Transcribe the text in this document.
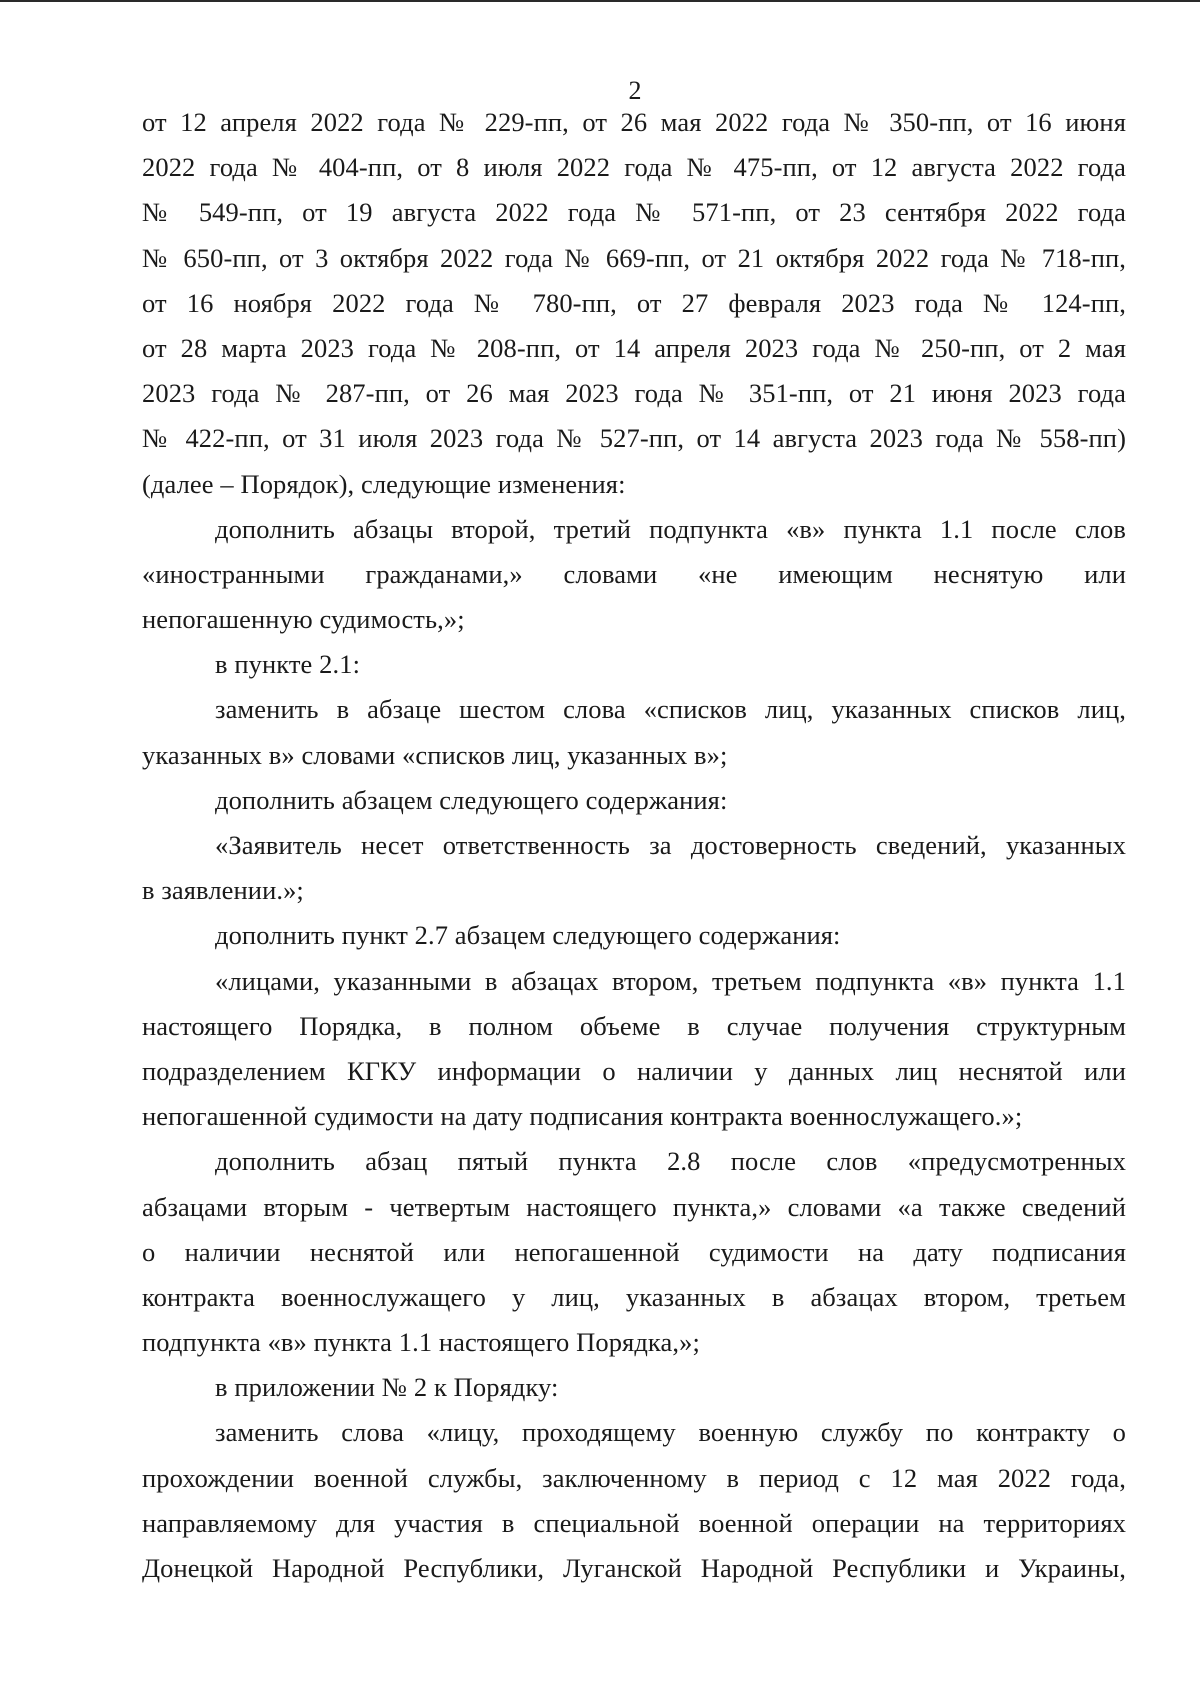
2
от 12 апреля 2022 года № 229-пп, от 26 мая 2022 года № 350-пп, от 16 июня
2022 года № 404-пп, от 8 июля 2022 года № 475-пп, от 12 августа 2022 года
№ 549-пп, от 19 августа 2022 года № 571-пп, от 23 сентября 2022 года
№ 650-пп, от 3 октября 2022 года № 669-пп, от 21 октября 2022 года № 718-пп,
от 16 ноября 2022 года № 780-пп, от 27 февраля 2023 года № 124-пп,
от 28 марта 2023 года № 208-пп, от 14 апреля 2023 года № 250-пп, от 2 мая
2023 года № 287-пп, от 26 мая 2023 года № 351-пп, от 21 июня 2023 года
№ 422-пп, от 31 июля 2023 года № 527-пп, от 14 августа 2023 года № 558-пп)
(далее – Порядок), следующие изменения:
дополнить абзацы второй, третий подпункта «в» пункта 1.1 после слов
«иностранными гражданами,» словами «не имеющим неснятую или
непогашенную судимость,»;
в пункте 2.1:
заменить в абзаце шестом слова «списков лиц, указанных списков лиц,
указанных в» словами «списков лиц, указанных в»;
дополнить абзацем следующего содержания:
«Заявитель несет ответственность за достоверность сведений, указанных
в заявлении.»;
дополнить пункт 2.7 абзацем следующего содержания:
«лицами, указанными в абзацах втором, третьем подпункта «в» пункта 1.1
настоящего Порядка, в полном объеме в случае получения структурным
подразделением КГКУ информации о наличии у данных лиц неснятой или
непогашенной судимости на дату подписания контракта военнослужащего.»;
дополнить абзац пятый пункта 2.8 после слов «предусмотренных
абзацами вторым - четвертым настоящего пункта,» словами «а также сведений
о наличии неснятой или непогашенной судимости на дату подписания
контракта военнослужащего у лиц, указанных в абзацах втором, третьем
подпункта «в» пункта 1.1 настоящего Порядка,»;
в приложении № 2 к Порядку:
заменить слова «лицу, проходящему военную службу по контракту о
прохождении военной службы, заключенному в период с 12 мая 2022 года,
направляемому для участия в специальной военной операции на территориях
Донецкой Народной Республики, Луганской Народной Республики и Украины,
